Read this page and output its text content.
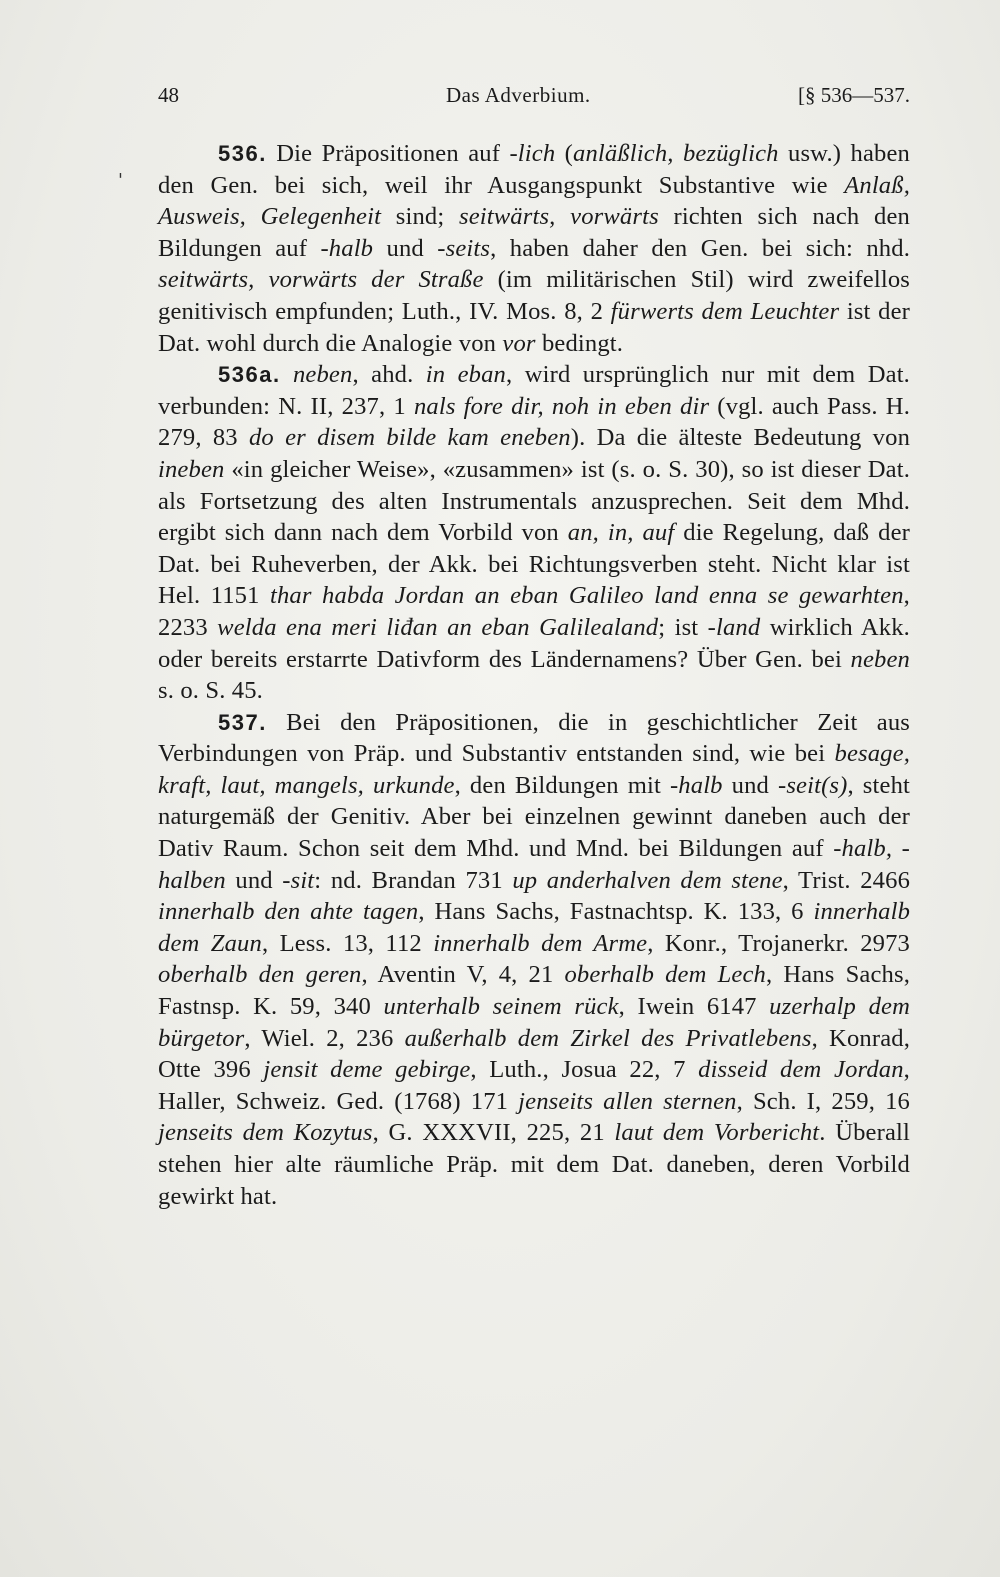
48	Das Adverbium.	[§ 536—537.
'

536. Die Präpositionen auf -lich (anläßlich, bezüglich usw.) haben den Gen. bei sich, weil ihr Ausgangspunkt Substantive wie Anlaß, Ausweis, Gelegenheit sind; seitwärts, vorwärts richten sich nach den Bildungen auf -halb und -seits, haben daher den Gen. bei sich: nhd. seitwärts, vorwärts der Straße (im militärischen Stil) wird zweifellos genitivisch empfunden; Luth., IV. Mos. 8, 2 fürwerts dem Leuchter ist der Dat. wohl durch die Analogie von vor bedingt.

536a. neben, ahd. in eban, wird ursprünglich nur mit dem Dat. verbunden: N. II, 237, 1 nals fore dir, noh in eben dir (vgl. auch Pass. H. 279, 83 do er disem bilde kam eneben). Da die älteste Bedeutung von ineben «in gleicher Weise», «zusammen» ist (s. o. S. 30), so ist dieser Dat. als Fortsetzung des alten Instrumentals anzusprechen. Seit dem Mhd. ergibt sich dann nach dem Vorbild von an, in, auf die Regelung, daß der Dat. bei Ruheverben, der Akk. bei Richtungsverben steht. Nicht klar ist Hel. 1151 thar habda Jordan an eban Galileo land enna se gewarhten, 2233 welda ena meri liđan an eban Galilealand; ist -land wirklich Akk. oder bereits erstarrte Dativform des Ländernamens? Über Gen. bei neben s. o. S. 45.

537. Bei den Präpositionen, die in geschichtlicher Zeit aus Verbindungen von Präp. und Substantiv entstanden sind, wie bei besage, kraft, laut, mangels, urkunde, den Bildungen mit -halb und -seit(s), steht naturgemäß der Genitiv. Aber bei einzelnen gewinnt daneben auch der Dativ Raum. Schon seit dem Mhd. und Mnd. bei Bildungen auf -halb, -halben und -sit: nd. Brandan 731 up anderhalven dem stene, Trist. 2466 innerhalb den ahte tagen, Hans Sachs, Fastnachtsp. K. 133, 6 innerhalb dem Zaun, Less. 13, 112 innerhalb dem Arme, Konr., Trojanerkr. 2973 oberhalb den geren, Aventin V, 4, 21 oberhalb dem Lech, Hans Sachs, Fastnsp. K. 59, 340 unterhalb seinem rück, Iwein 6147 uzerhalp dem bürgetor, Wiel. 2, 236 außerhalb dem Zirkel des Privatlebens, Konrad, Otte 396 jensit deme gebirge, Luth., Josua 22, 7 disseid dem Jordan, Haller, Schweiz. Ged. (1768) 171 jenseits allen sternen, Sch. I, 259, 16 jenseits dem Kozytus, G. XXXVII, 225, 21 laut dem Vorbericht. Überall stehen hier alte räumliche Präp. mit dem Dat. daneben, deren Vorbild gewirkt hat.
